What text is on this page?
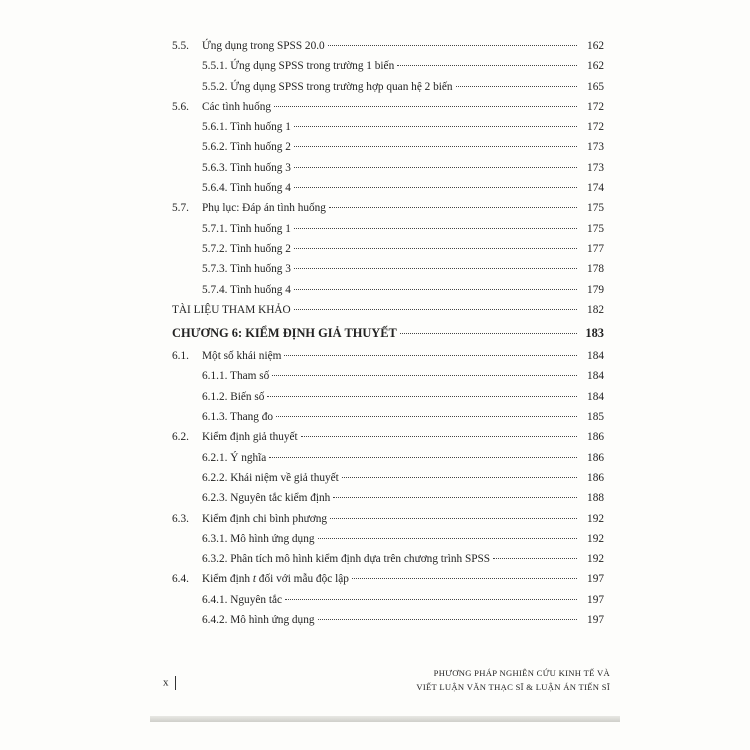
5.5. Ứng dụng trong SPSS 20.0	162
5.5.1. Ứng dụng SPSS trong trường 1 biến	162
5.5.2. Ứng dụng SPSS trong trường hợp quan hệ 2 biến	165
5.6. Các tình huống	172
5.6.1. Tình huống 1	172
5.6.2. Tình huống 2	173
5.6.3. Tình huống 3	173
5.6.4. Tình huống 4	174
5.7. Phụ lục: Đáp án tình huống	175
5.7.1. Tình huống 1	175
5.7.2. Tình huống 2	177
5.7.3. Tình huống 3	178
5.7.4. Tình huống 4	179
TÀI LIỆU THAM KHẢO	182
CHƯƠNG 6: KIỂM ĐỊNH GIẢ THUYẾT	183
6.1. Một số khái niệm	184
6.1.1. Tham số	184
6.1.2. Biến số	184
6.1.3. Thang đo	185
6.2. Kiểm định giả thuyết	186
6.2.1. Ý nghĩa	186
6.2.2. Khái niệm về giả thuyết	186
6.2.3. Nguyên tắc kiểm định	188
6.3. Kiểm định chi bình phương	192
6.3.1. Mô hình ứng dụng	192
6.3.2. Phân tích mô hình kiểm định dựa trên chương trình SPSS	192
6.4. Kiểm định t đối với mẫu độc lập	197
6.4.1. Nguyên tắc	197
6.4.2. Mô hình ứng dụng	197
x
PHƯƠNG PHÁP NGHIÊN CỨU KINH TẾ VÀ
VIẾT LUẬN VĂN THẠC SĨ & LUẬN ÁN TIẾN SĨ
